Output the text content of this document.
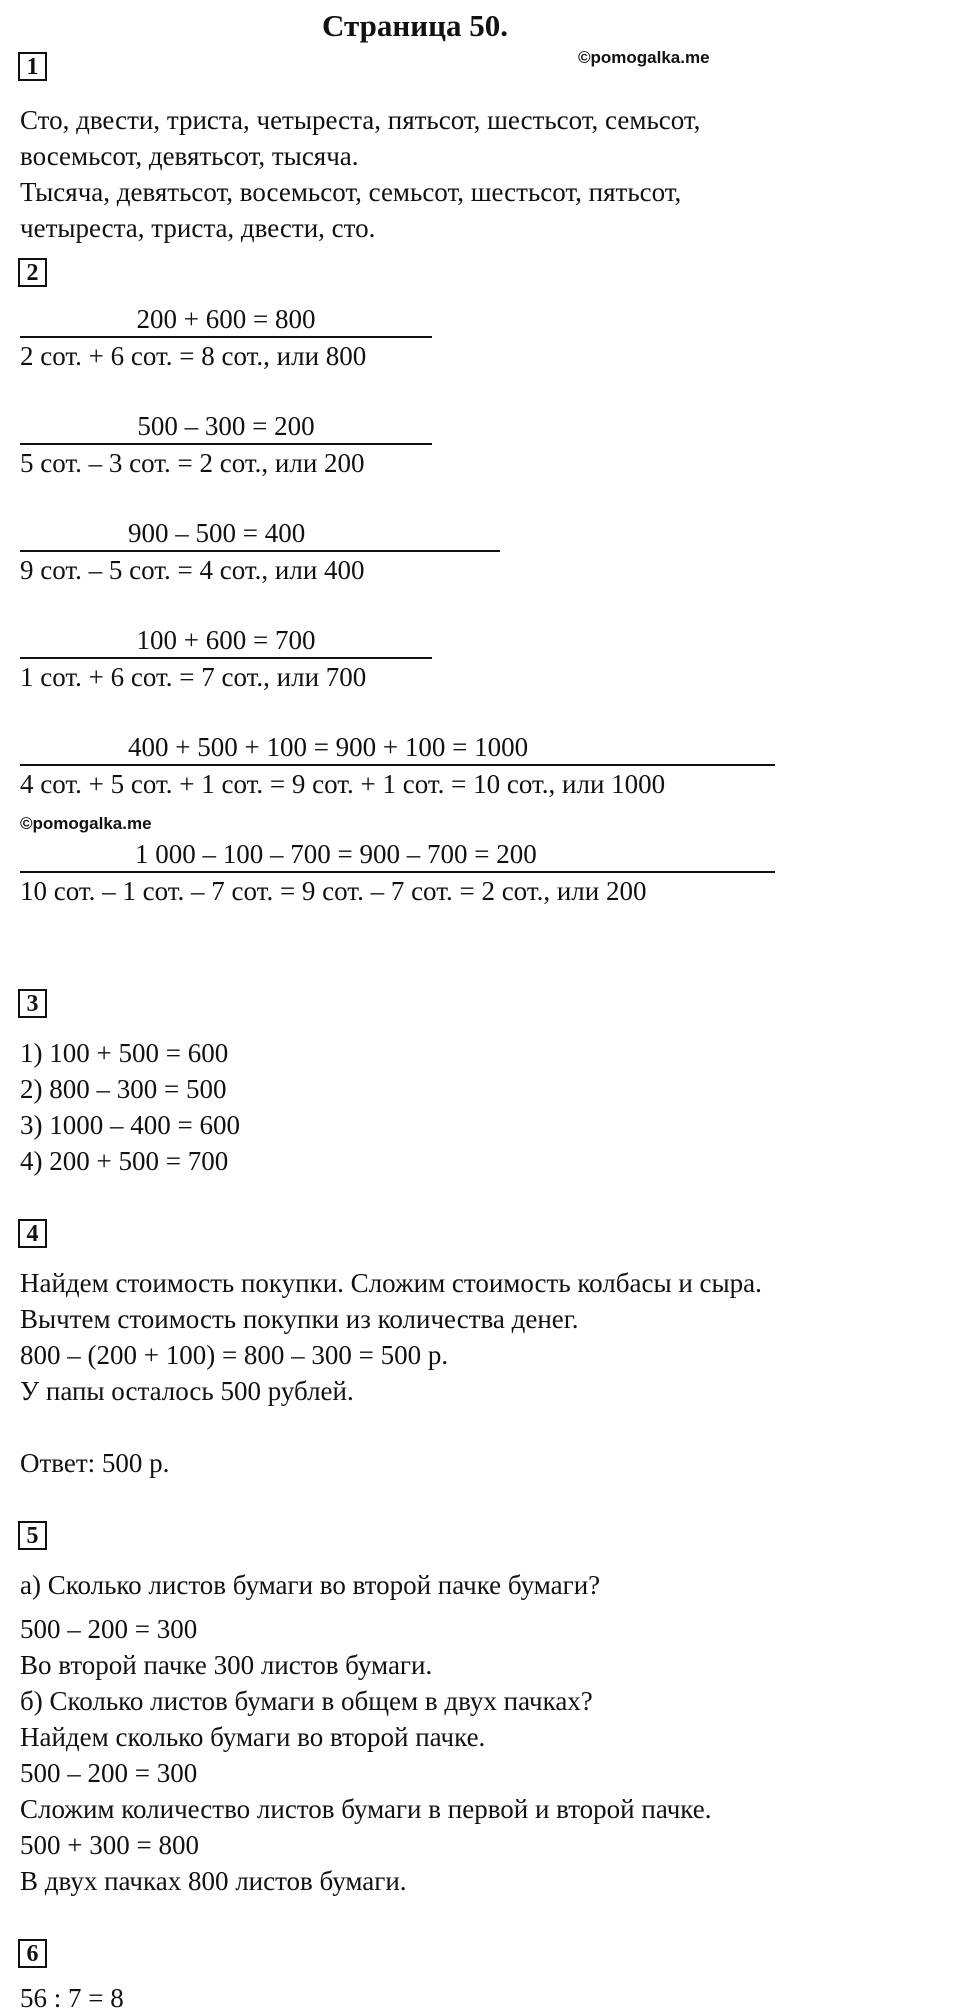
Страница 50.
©pomogalka.me
1
Сто, двести, триста, четыреста, пятьсот, шестьсот, семьсот,
восемьсот, девятьсот, тысяча.
Тысяча, девятьсот, восемьсот, семьсот, шестьсот, пятьсот,
четыреста, триста, двести, сто.
2
200 + 600 = 800
2 сот. + 6 сот. = 8 сот., или 800
500 – 300 = 200
5 сот. – 3 сот. = 2 сот., или 200
900 – 500 = 400
9 сот. – 5 сот. = 4 сот., или 400
100 + 600 = 700
1 сот. + 6 сот. = 7 сот., или 700
400 + 500 + 100 = 900 + 100 = 1000
4 сот. + 5 сот. + 1 сот. = 9 сот. + 1 сот. = 10 сот., или 1000
©pomogalka.me
1 000 – 100 – 700 = 900 – 700 = 200
10 сот. – 1 сот. – 7 сот. = 9 сот. – 7 сот. = 2 сот., или 200
3
1) 100 + 500 = 600
2) 800 – 300 = 500
3) 1000 – 400 = 600
4) 200 + 500 = 700
4
Найдем стоимость покупки. Сложим стоимость колбасы и сыра.
Вычтем стоимость покупки из количества денег.
800 – (200 + 100) = 800 – 300 = 500 р.
У папы осталось 500 рублей.
Ответ: 500 р.
5
а) Сколько листов бумаги во второй пачке бумаги?
500 – 200 = 300
Во второй пачке 300 листов бумаги.
б) Сколько листов бумаги в общем в двух пачках?
Найдем сколько бумаги во второй пачке.
500 – 200 = 300
Сложим количество листов бумаги в первой и второй пачке.
500 + 300 = 800
В двух пачках 800 листов бумаги.
6
56 : 7 = 8
